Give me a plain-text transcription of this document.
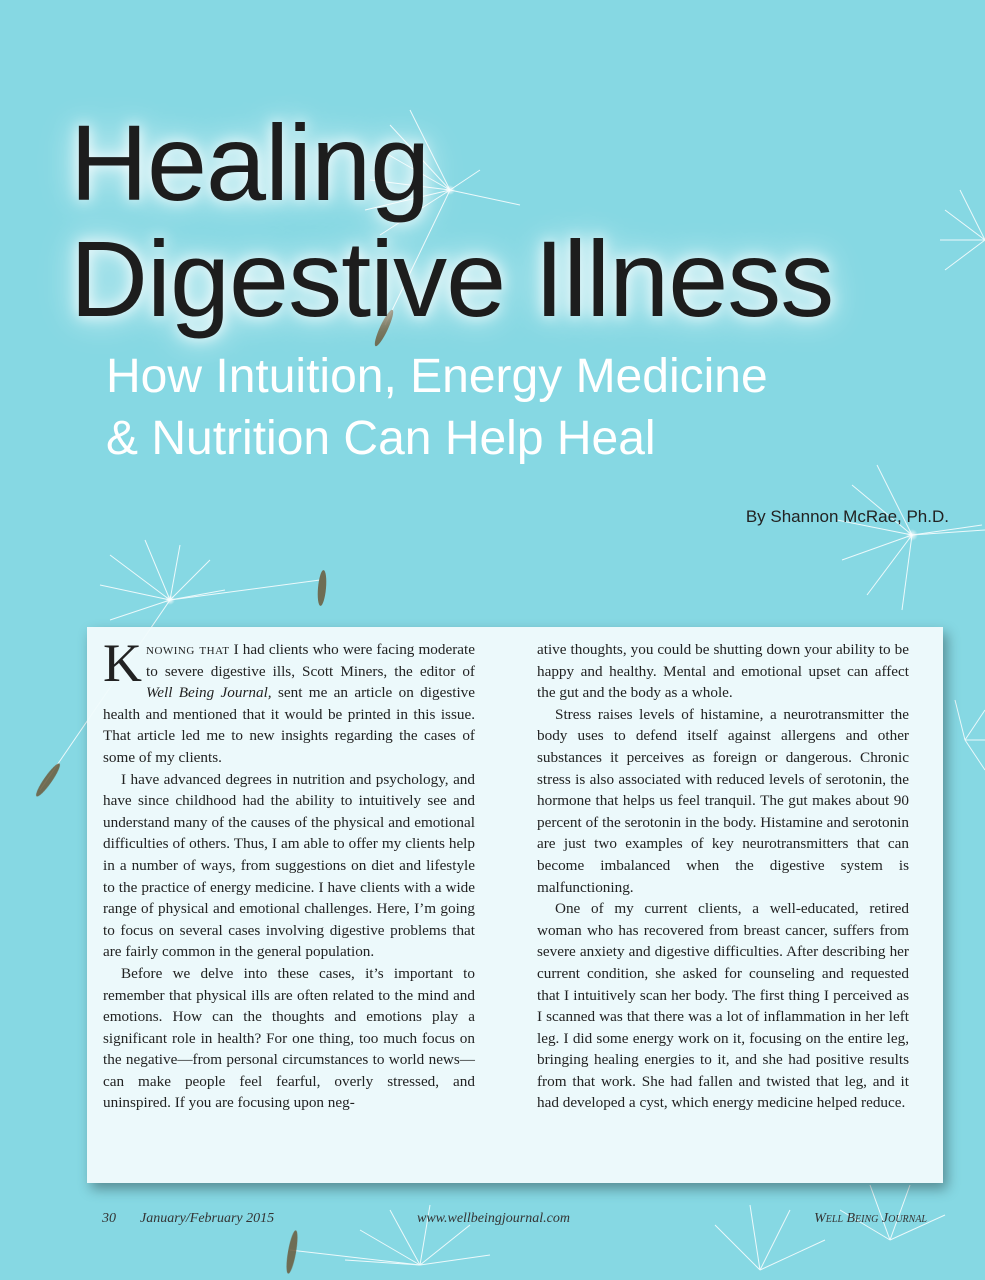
Healing
Digestive Illness
How Intuition, Energy Medicine
& Nutrition Can Help Heal
By Shannon McRae, Ph.D.

Knowing that I had clients who were facing moderate to severe digestive ills, Scott Miners, the editor of Well Being Journal, sent me an article on digestive health and mentioned that it would be printed in this issue. That article led me to new insights regarding the cases of some of my clients.

I have advanced degrees in nutrition and psychology, and have since childhood had the ability to intuitively see and understand many of the causes of the physical and emotional difficulties of others. Thus, I am able to offer my clients help in a number of ways, from suggestions on diet and lifestyle to the practice of energy medicine. I have clients with a wide range of physical and emotional challenges. Here, I’m going to focus on several cases involving digestive problems that are fairly common in the general population.

Before we delve into these cases, it’s important to remember that physical ills are often related to the mind and emotions. How can the thoughts and emotions play a significant role in health? For one thing, too much focus on the negative—from personal circumstances to world news—can make people feel fearful, overly stressed, and uninspired. If you are focusing upon neg-

ative thoughts, you could be shutting down your ability to be happy and healthy. Mental and emotional upset can affect the gut and the body as a whole.

Stress raises levels of histamine, a neurotransmitter the body uses to defend itself against allergens and other substances it perceives as foreign or dangerous. Chronic stress is also associated with reduced levels of serotonin, the hormone that helps us feel tranquil. The gut makes about 90 percent of the serotonin in the body. Histamine and serotonin are just two examples of key neurotransmitters that can become imbalanced when the digestive system is malfunctioning.

One of my current clients, a well-educated, retired woman who has recovered from breast cancer, suffers from severe anxiety and digestive difficulties. After describing her current condition, she asked for counseling and requested that I intuitively scan her body. The first thing I perceived as I scanned was that there was a lot of inflammation in her left leg. I did some energy work on it, focusing on the entire leg, bringing healing energies to it, and she had positive results from that work. She had fallen and twisted that leg, and it had developed a cyst, which energy medicine helped reduce.

30 January/February 2015	www.wellbeingjournal.com	Well Being Journal
